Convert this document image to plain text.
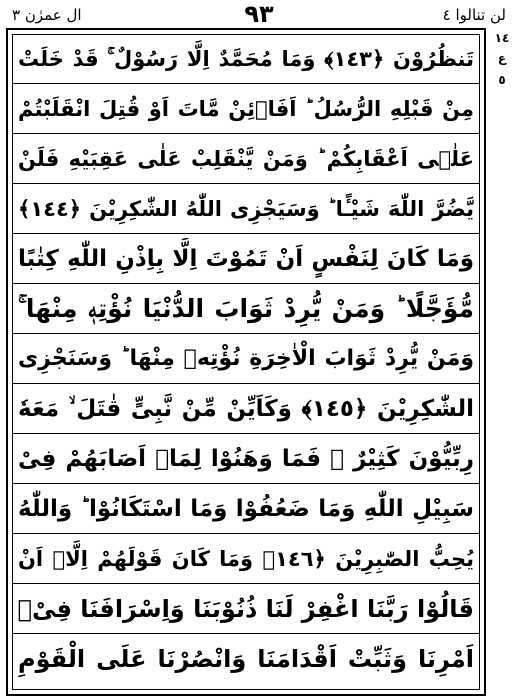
لن تنالوا ٤
٩٣
ال عمرٰن ٣
١٤
ع
٥
تَنظُرُوْنَ ﴿١٤٣﴾ وَمَا مُحَمَّدٌ اِلَّا رَسُوْلٌ ۚ قَدْ خَلَتْ
مِنْ قَبْلِهِ الرُّسُلُ ؕ اَفَاۡئِنْ مَّاتَ اَوْ قُتِلَ انْقَلَبْتُمْ
عَلٰۤى اَعْقَابِكُمْ ؕ وَمَنْ يَّنْقَلِبْ عَلٰى عَقِبَيْهِ فَلَنْ
يَّضُرَّ اللّٰهَ شَيْـًٔا ؕ وَسَيَجْزِى اللّٰهُ الشّٰكِرِيْنَ ﴿١٤٤﴾
وَمَا كَانَ لِنَفْسٍ اَنْ تَمُوْتَ اِلَّا بِاِذْنِ اللّٰهِ كِتٰبًا
مُّؤَجَّلًا ؕ وَمَنْ يُّرِدْ ثَوَابَ الدُّنْيَا نُؤْتِهٖ مِنْهَا ۚ
وَمَنْ يُّرِدْ ثَوَابَ الْاٰخِرَةِ نُؤْتِهٖ مِنْهَا ؕ وَسَنَجْزِى
الشّٰكِرِيْنَ ﴿١٤٥﴾ وَكَاَيِّنْ مِّنْ نَّبِىٍّ قٰتَلَ ۙ مَعَهٗ
رِبِّيُّوْنَ كَثِيْرٌ ۚ فَمَا وَهَنُوْا لِمَاۤ اَصَابَهُمْ فِىْ
سَبِيْلِ اللّٰهِ وَمَا ضَعُفُوْا وَمَا اسْتَكَانُوْا ؕ وَاللّٰهُ
يُحِبُّ الصّٰبِرِيْنَ ﴿١٤٦﴾ وَمَا كَانَ قَوْلَهُمْ اِلَّاۤ اَنْ
قَالُوْا رَبَّنَا اغْفِرْ لَنَا ذُنُوْبَنَا وَاِسْرَافَنَا فِىْۤ
اَمْرِنَا وَثَبِّتْ اَقْدَامَنَا وَانْصُرْنَا عَلَى الْقَوْمِ
